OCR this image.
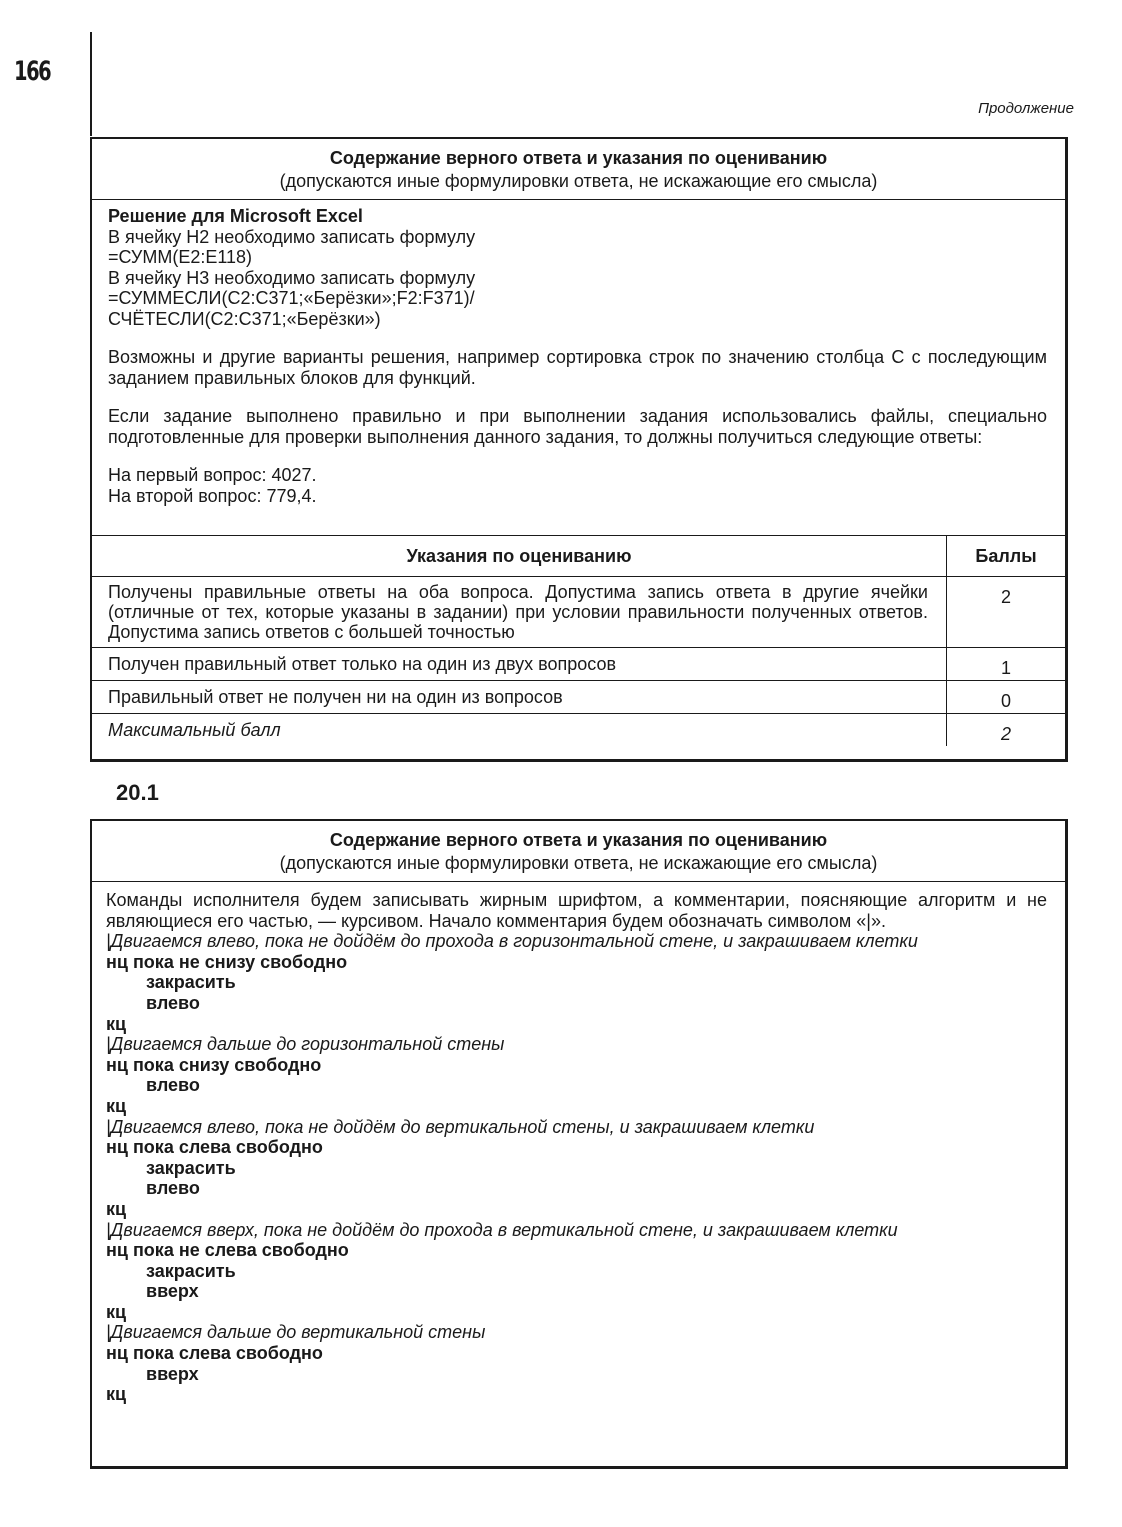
166
Продолжение
Содержание верного ответа и указания по оцениванию
(допускаются иные формулировки ответа, не искажающие его смысла)

Решение для Microsoft Excel

В ячейку H2 необходимо записать формулу

=СУММ(E2:E118)

В ячейку H3 необходимо записать формулу

=СУММЕСЛИ(C2:C371;«Берёзки»;F2:F371)/

СЧЁТЕСЛИ(C2:C371;«Берёзки»)

Возможны и другие варианты решения, например сортировка строк по значению столбца С с последующим заданием правильных блоков для функций.

Если задание выполнено правильно и при выполнении задания использовались файлы, специально подготовленные для проверки выполнения данного задания, то должны получиться следующие ответы:

На первый вопрос: 4027.

На второй вопрос: 779,4.

Указания по оцениванию	Баллы
Получены правильные ответы на оба вопроса. Допустима запись ответа в другие ячейки (отличные от тех, которые указаны в задании) при условии правильности полученных ответов. Допустима запись ответов с большей точностью	2
Получен правильный ответ только на один из двух вопросов	1
Правильный ответ не получен ни на один из вопросов	0
Максимальный балл	2
20.1
Содержание верного ответа и указания по оцениванию
(допускаются иные формулировки ответа, не искажающие его смысла)

Команды исполнителя будем записывать жирным шрифтом, а комментарии, поясняющие алгоритм и не являющиеся его частью, — курсивом. Начало комментария будем обозначать символом «|».

|Двигаемся влево, пока не дойдём до прохода в горизонтальной стене, и закрашиваем клетки

нц пока не снизу свободно

закрасить

влево

кц

|Двигаемся дальше до горизонтальной стены

нц пока снизу свободно

влево

кц

|Двигаемся влево, пока не дойдём до вертикальной стены, и закрашиваем клетки

нц пока слева свободно

закрасить

влево

кц

|Двигаемся вверх, пока не дойдём до прохода в вертикальной стене, и закрашиваем клетки

нц пока не слева свободно

закрасить

вверх

кц

|Двигаемся дальше до вертикальной стены

нц пока слева свободно

вверх

кц
